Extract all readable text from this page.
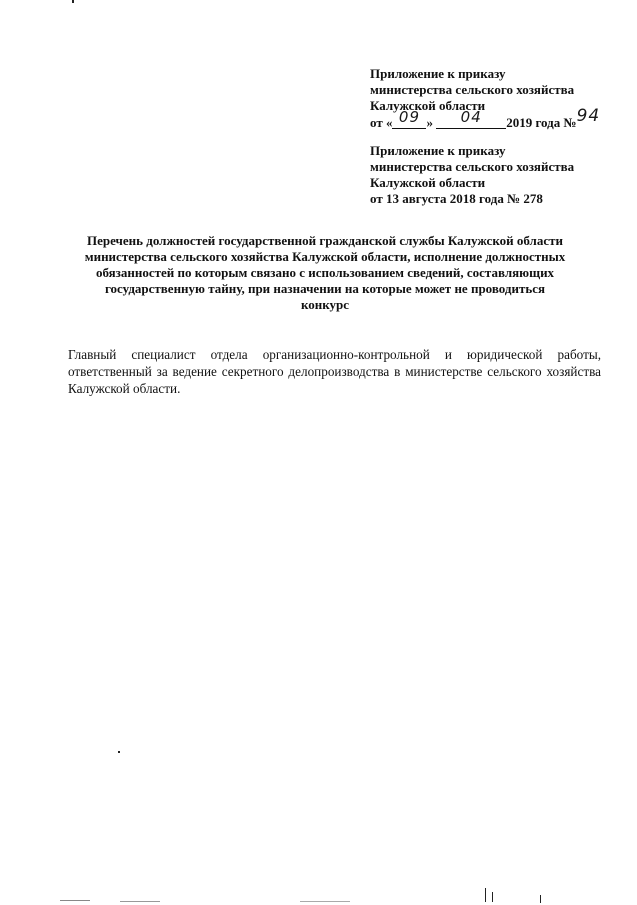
Приложение к приказу
министерства сельского хозяйства
Калужской области
от « 09 » 04 2019 года №94
Приложение к приказу
министерства сельского хозяйства
Калужской области
от 13 августа 2018 года № 278
Перечень должностей государственной гражданской службы Калужской области
министерства сельского хозяйства Калужской области, исполнение должностных
обязанностей по которым связано с использованием сведений, составляющих
государственную тайну, при назначении на которые может не проводиться
конкурс
Главный специалист отдела организационно-контрольной и юридической работы, ответственный за ведение секретного делопроизводства в министерстве сельского хозяйства Калужской области.
